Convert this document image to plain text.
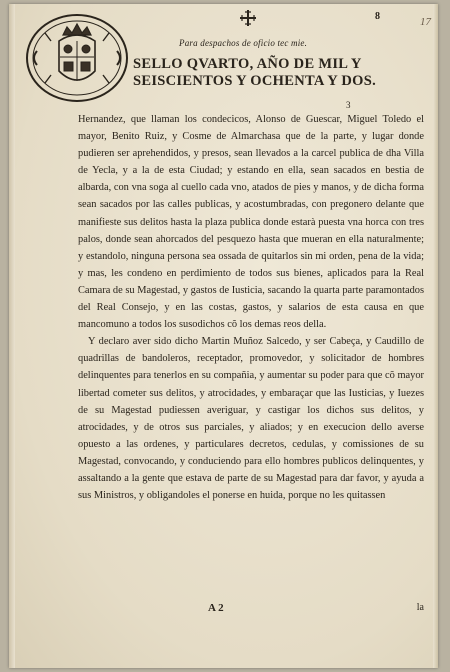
Para despachos de oficio tec mie.
8	17
SELLO QVARTO, AÑO DE MIL Y SEISCIENTOS Y OCHENTA Y DOS.
3

Hernandez, que llaman los condecicos, Alonso de Guescar, Miguel Toledo el mayor, Benito Ruiz, y Cosme de Almarchasa que de la parte, y lugar donde pudieren ser aprehendidos, y presos, sean llevados a la carcel publica de dha Villa de Yecla, y a la de esta Ciudad; y estando en ella, sean sacados en bestia de albarda, con vna soga al cuello cada vno, atados de pies y manos, y de dicha forma sean sacados por las calles publicas, y acostumbradas, con pregonero delante que manifieste sus delitos hasta la plaza publica donde estarà puesta vna horca con tres palos, donde sean ahorcados del pesquezo hasta que mueran en ella naturalmente; y estandolo, ninguna persona sea ossada de quitarlos sin mi orden, pena de la vida; y mas, les condeno en perdimiento de todos sus bienes, aplicados para la Real Camara de su Magestad, y gastos de Iusticia, sacando la quarta parte paramontados del Real Consejo, y en las costas, gastos, y salarios de esta causa en que mancomuno a todos los susodichos cõ los demas reos della.

Y declaro aver sido dicho Martin Muñoz Salcedo, y ser Cabeça, y Caudillo de quadrillas de bandoleros, receptador, promovedor, y solicitador de hombres delinquentes para tenerlos en su compañia, y aumentar su poder para que cõ mayor libertad cometer sus delitos, y atrocidades, y embaraçar que las Iusticias, y Iuezes de su Magestad pudiessen averiguar, y castigar los dichos sus delitos, y atrocidades, y de otros sus parciales, y aliados; y en execucion dello averse opuesto a las ordenes, y particulares decretos, cedulas, y comissiones de su Magestad, convocando, y conduciendo para ello hombres publicos delinquentes, y assaltando a la gente que estava de parte de su Magestad para dar favor, y ayuda a sus Ministros, y obligandoles el ponerse en huida, porque no les quitassen

A 2	la
